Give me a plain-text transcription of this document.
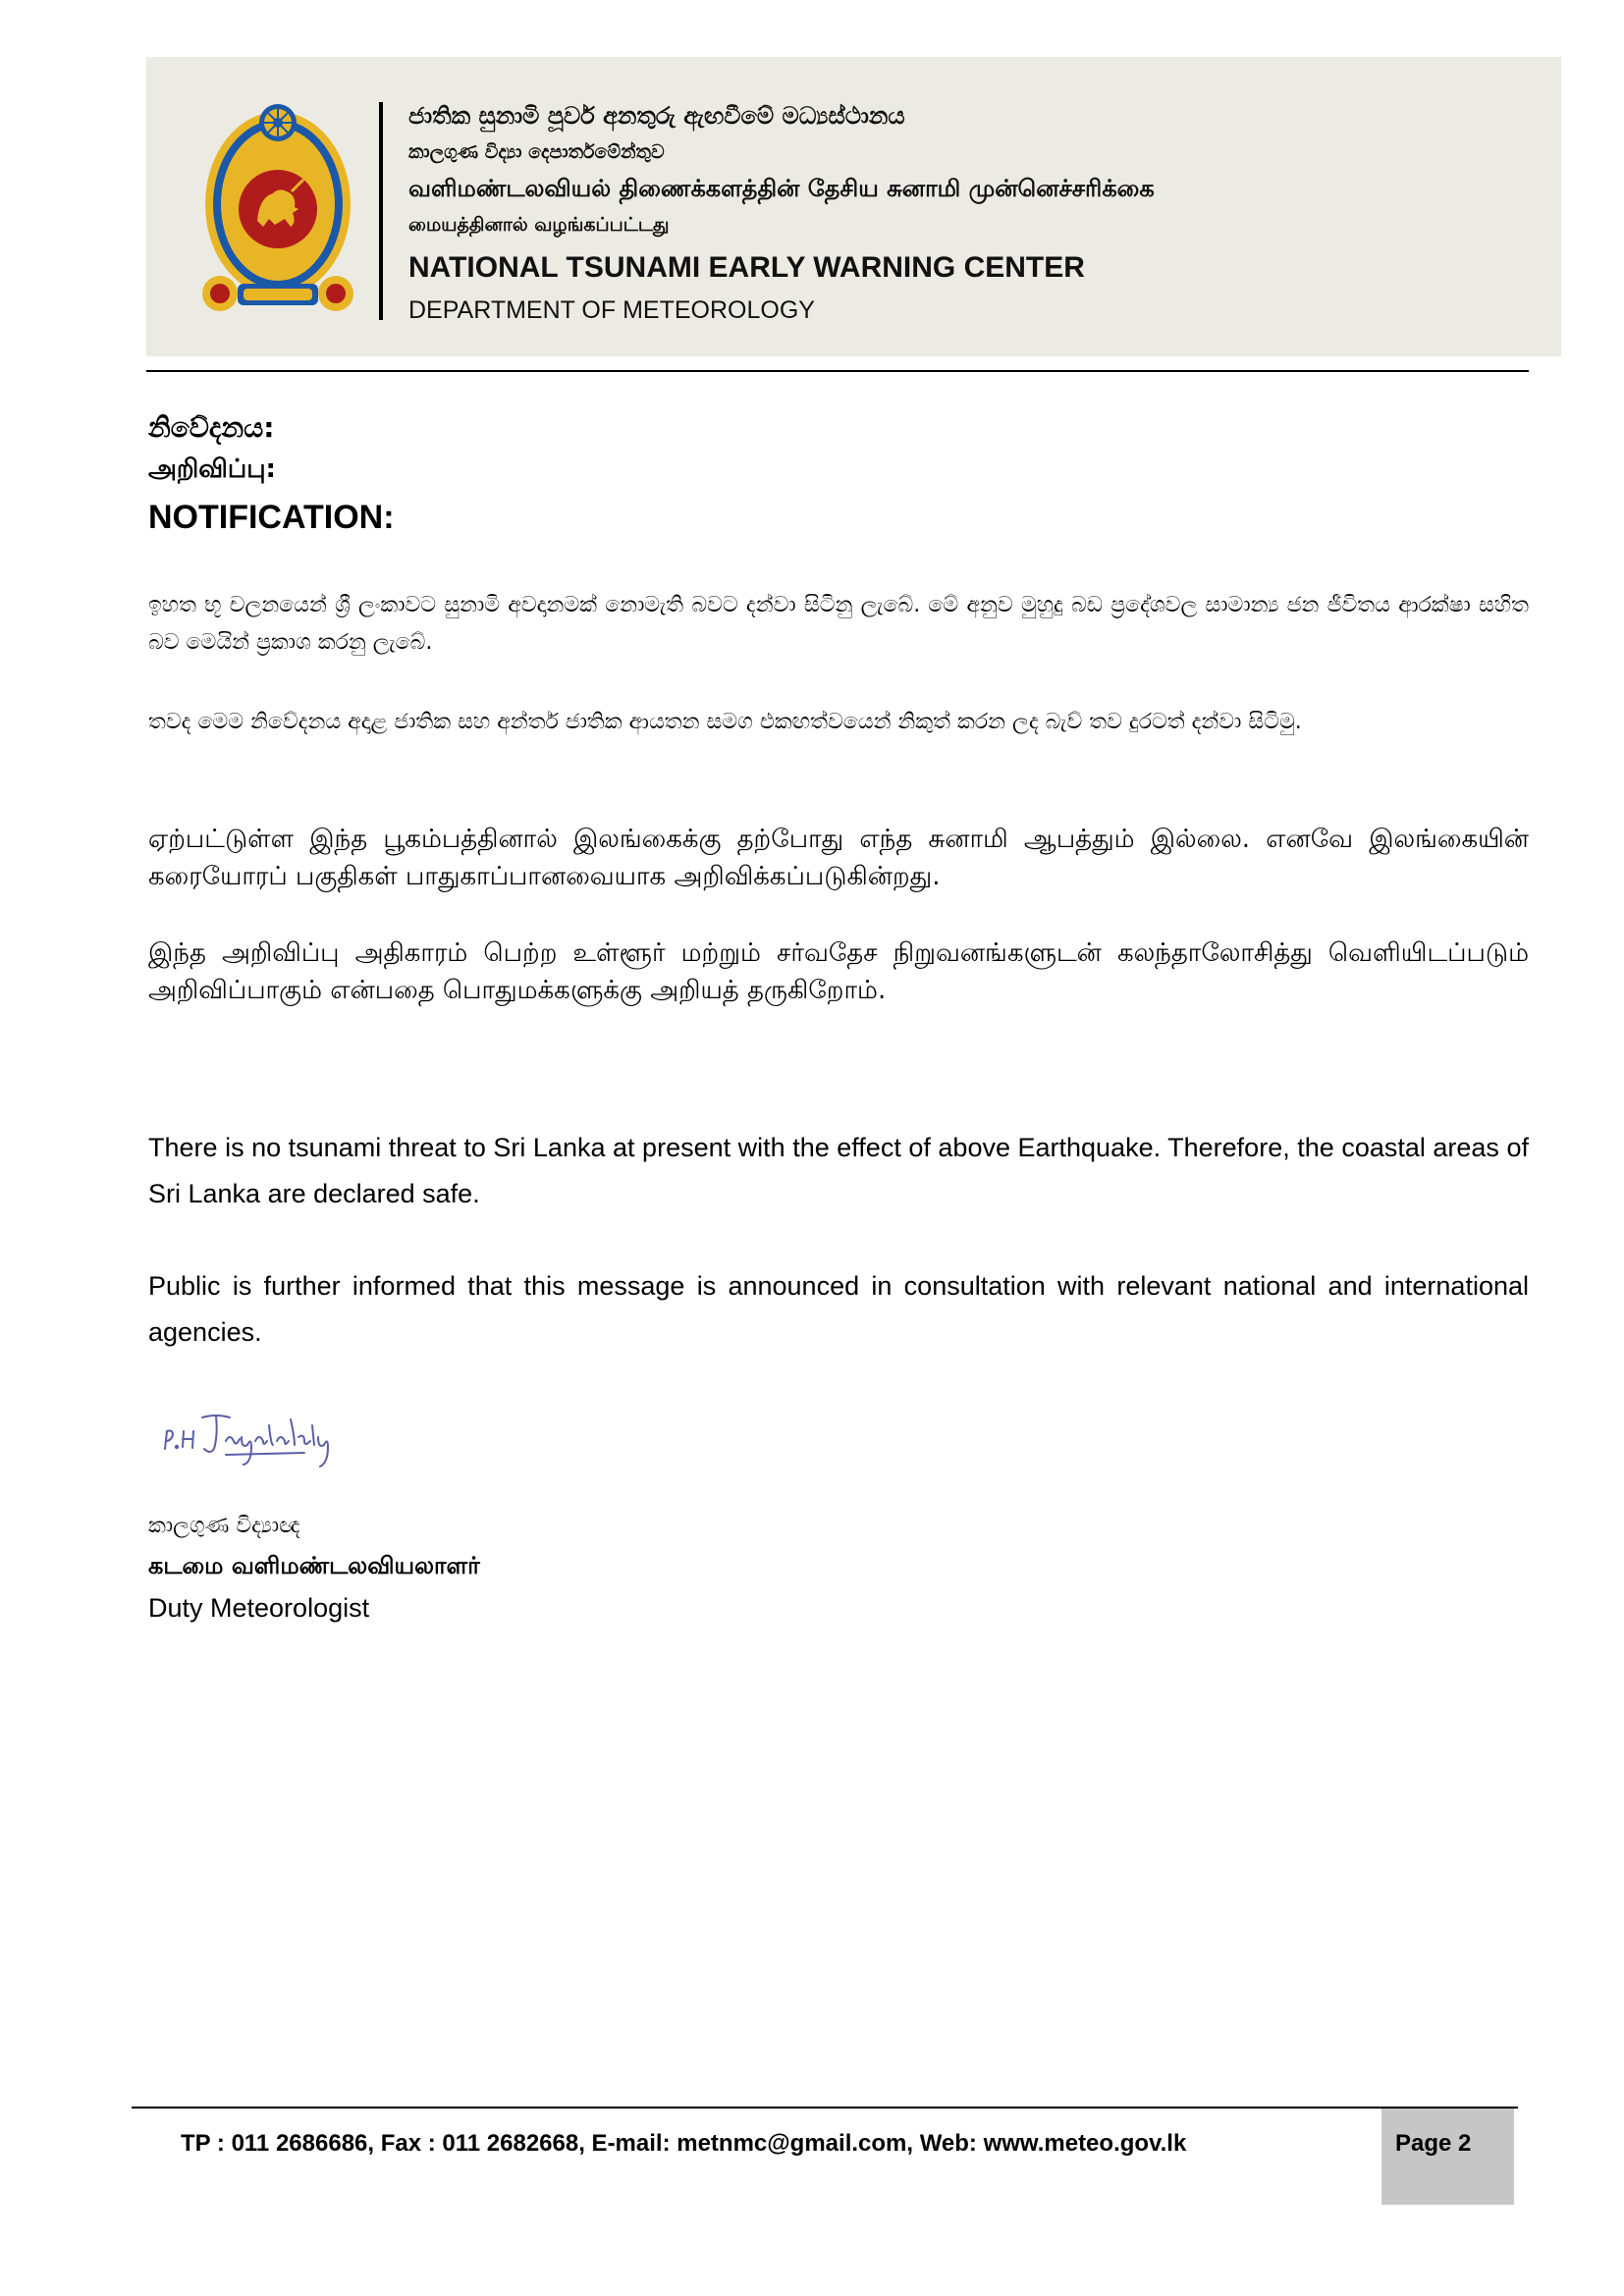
ජාතික සුනාමි පූර්ව අනතුරු ඇඟවීමේ මධ්‍යස්ථානය
කාලගුණ විද්‍යා දෙපාර්තමේන්තුව
வளிமண்டலவியல் திணைக்களத்தின் தேசிய சுனாமி முன்னெச்சரிக்கை
மையத்தினால் வழங்கப்பட்டது
NATIONAL TSUNAMI EARLY WARNING CENTER
DEPARTMENT OF METEOROLOGY
නිවේදනය:
அறிவிப்பு:
NOTIFICATION:

ඉහත භූ චලනයෙන් ශ්‍රී ලංකාවට සුනාමි අවදානමක් නොමැති බවට දන්වා සිටිනු ලැබේ. මේ අනුව මුහුදු බඩ ප්‍රදේශවල සාමාන්‍ය ජන ජීවිතය ආරක්ෂා සහිත බව මෙයින් ප්‍රකාශ කරනු ලැබේ.

තවද මෙම නිවේදනය අදාළ ජාතික සහ අන්තර් ජාතික ආයතන සමග එකඟත්වයෙන් නිකුත් කරන ලද බැව් තව දුරටත් දන්වා සිටිමු.

ஏற்பட்டுள்ள இந்த பூகம்பத்தினால் இலங்கைக்கு தற்போது எந்த சுனாமி ஆபத்தும் இல்லை. எனவே இலங்கையின் கரையோரப் பகுதிகள் பாதுகாப்பானவையாக அறிவிக்கப்படுகின்றது.

இந்த அறிவிப்பு அதிகாரம் பெற்ற உள்ளூர் மற்றும் சர்வதேச நிறுவனங்களுடன் கலந்தாலோசித்து வெளியிடப்படும் அறிவிப்பாகும் என்பதை பொதுமக்களுக்கு அறியத் தருகிறோம்.

There is no tsunami threat to Sri Lanka at present with the effect of above Earthquake. Therefore, the coastal areas of Sri Lanka are declared safe.

Public is further informed that this message is announced in consultation with relevant national and international agencies.

කාලගුණ විද්‍යාඥ
கடமை வளிமண்டலவியலாளர்
Duty Meteorologist
TP : 011 2686686, Fax : 011 2682668, E-mail: metnmc@gmail.com, Web: www.meteo.gov.lk	Page 2
